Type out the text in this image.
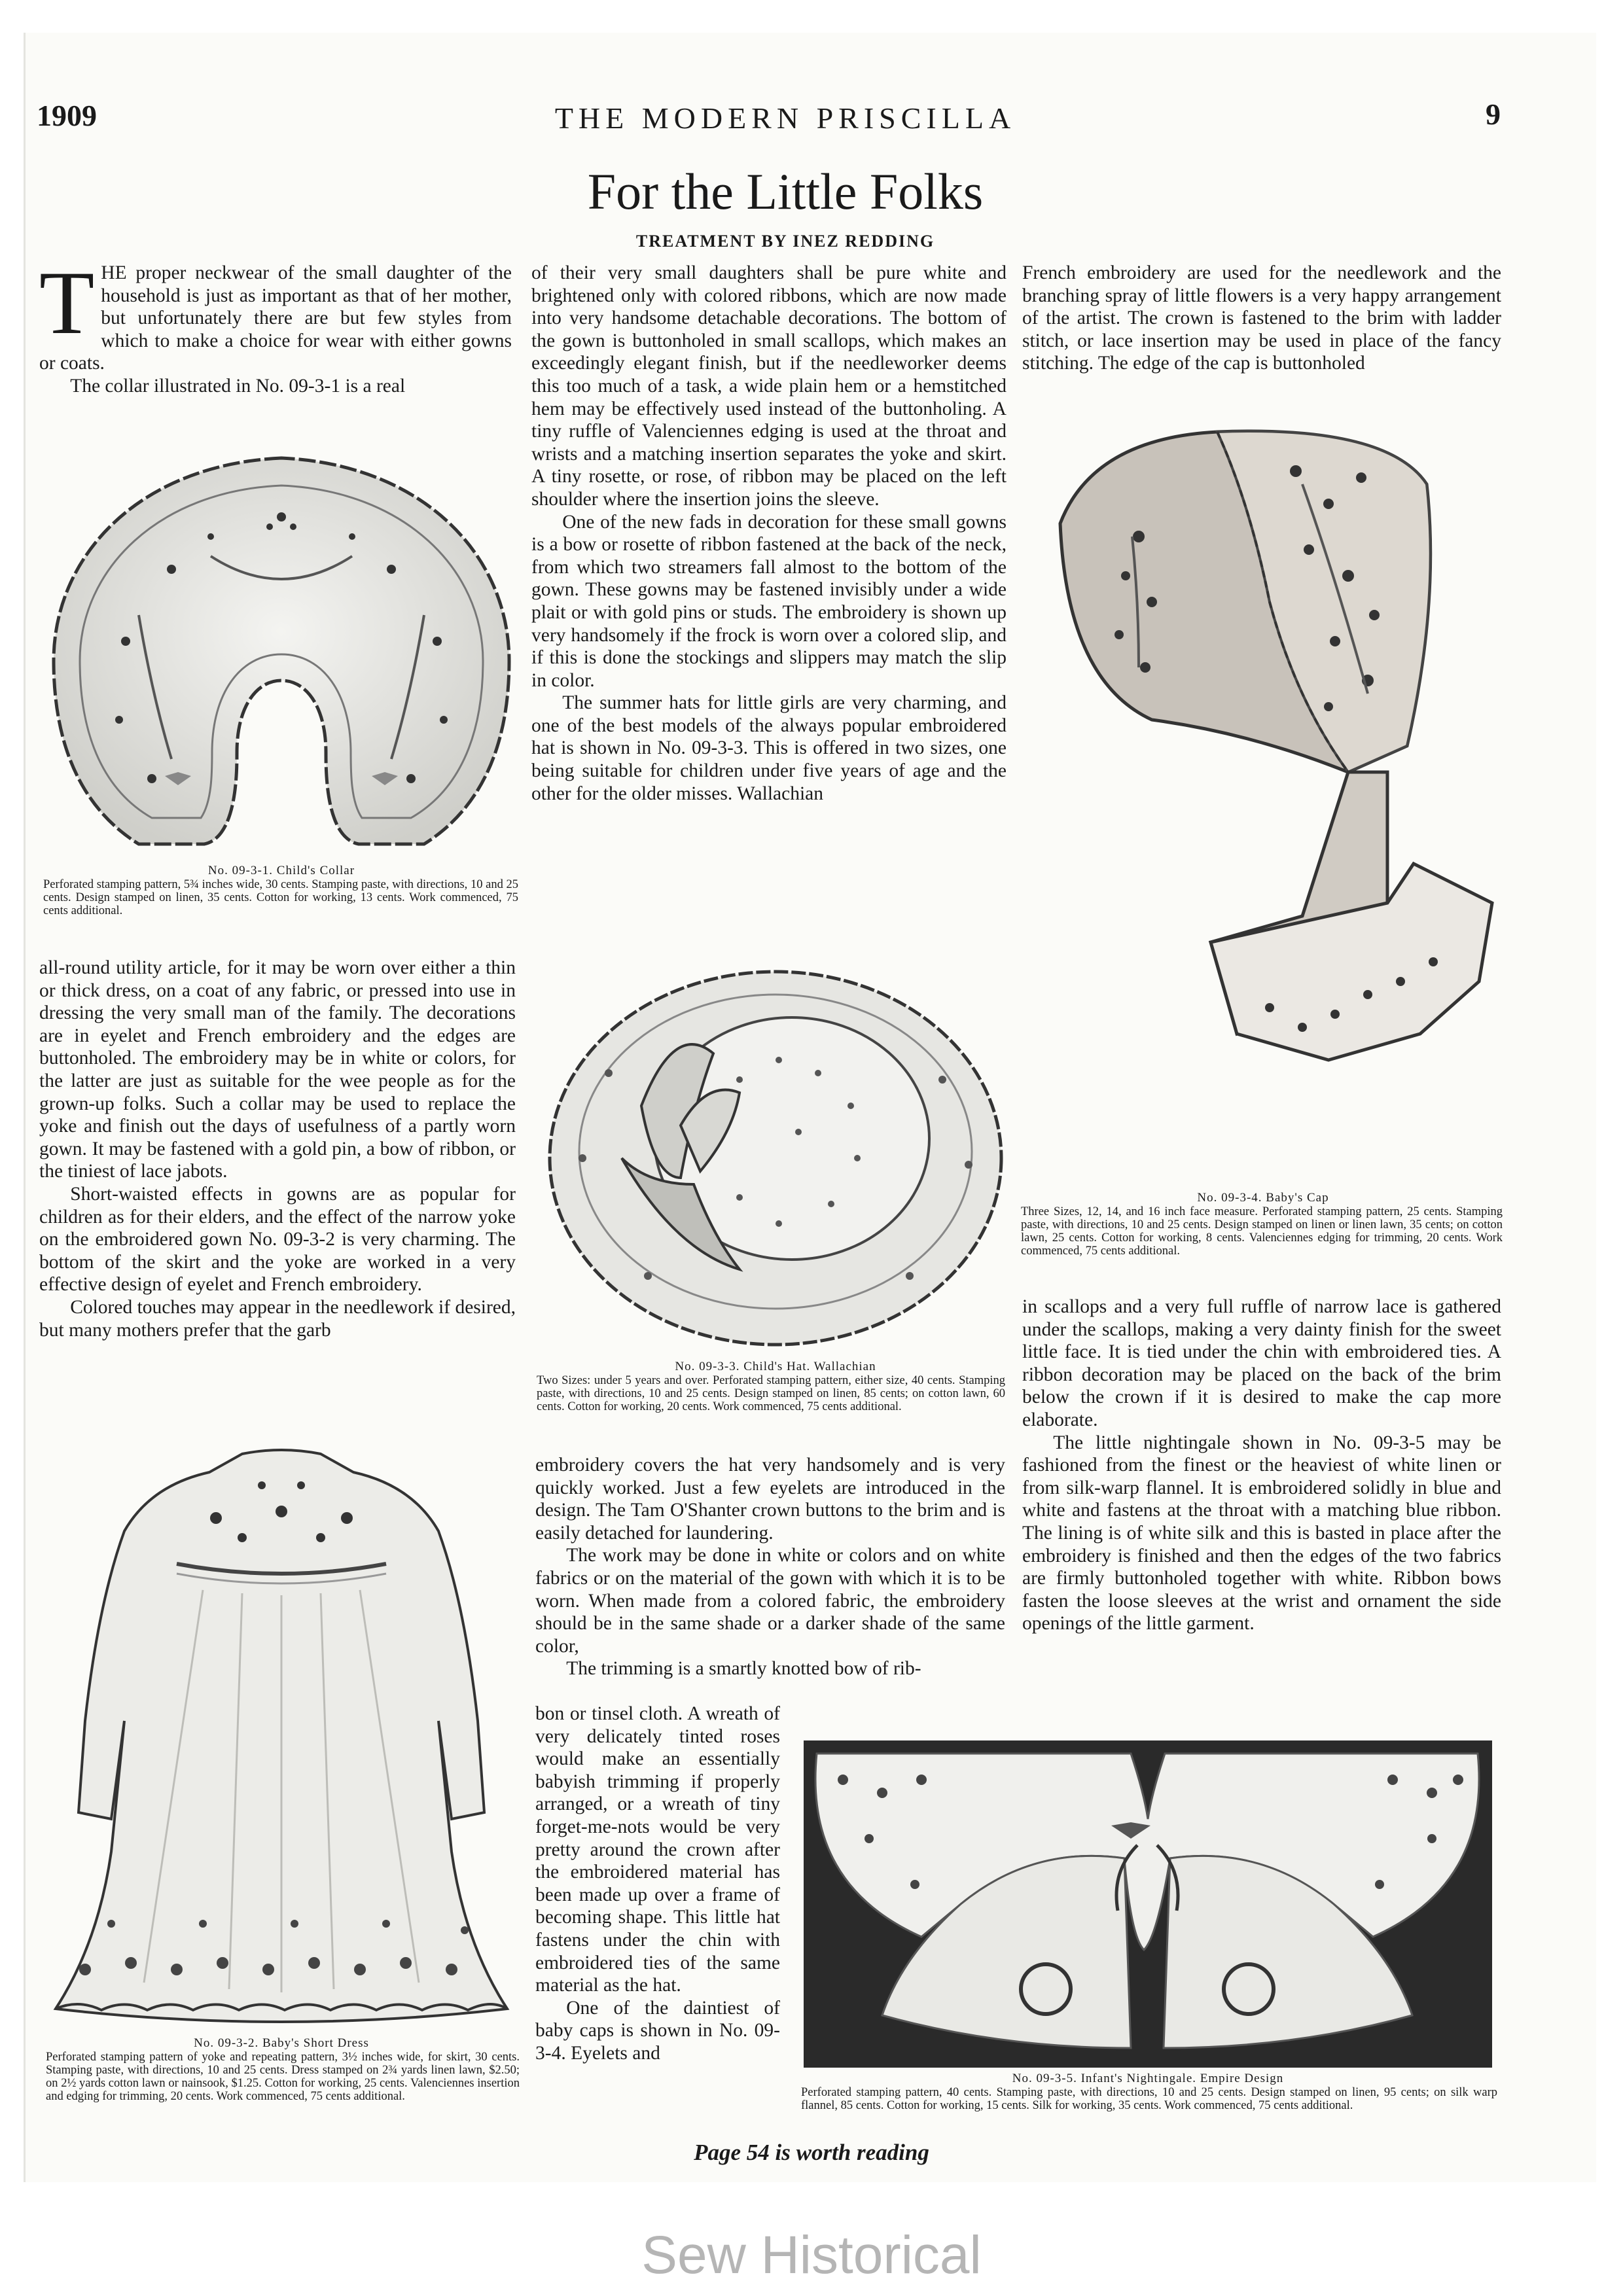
1909	THE MODERN PRISCILLA	9
For the Little Folks
TREATMENT BY INEZ REDDING

THE proper neckwear of the small daughter of the household is just as important as that of her mother, but unfortunately there are but few styles from which to make a choice for wear with either gowns or coats.

The collar illustrated in No. 09-3-1 is a real

No. 09-3-1. Child's Collar
Perforated stamping pattern, 5¾ inches wide, 30 cents. Stamping paste, with directions, 10 and 25 cents. Design stamped on linen, 35 cents. Cotton for working, 13 cents. Work commenced, 75 cents additional.

all-round utility article, for it may be worn over either a thin or thick dress, on a coat of any fabric, or pressed into use in dressing the very small man of the family. The decorations are in eyelet and French embroidery and the edges are buttonholed. The embroidery may be in white or colors, for the latter are just as suitable for the wee people as for the grown-up folks. Such a collar may be used to replace the yoke and finish out the days of usefulness of a partly worn gown. It may be fastened with a gold pin, a bow of ribbon, or the tiniest of lace jabots.

Short-waisted effects in gowns are as popular for children as for their elders, and the effect of the narrow yoke on the embroidered gown No. 09-3-2 is very charming. The bottom of the skirt and the yoke are worked in a very effective design of eyelet and French embroidery.

Colored touches may appear in the needlework if desired, but many mothers prefer that the garb

No. 09-3-2. Baby's Short Dress
Perforated stamping pattern of yoke and repeating pattern, 3½ inches wide, for skirt, 30 cents. Stamping paste, with directions, 10 and 25 cents. Dress stamped on 2¾ yards linen lawn, $2.50; on 2½ yards cotton lawn or nainsook, $1.25. Cotton for working, 25 cents. Valenciennes insertion and edging for trimming, 20 cents. Work commenced, 75 cents additional.

of their very small daughters shall be pure white and brightened only with colored ribbons, which are now made into very handsome detachable decorations. The bottom of the gown is buttonholed in small scallops, which makes an exceedingly elegant finish, but if the needleworker deems this too much of a task, a wide plain hem or a hemstitched hem may be effectively used instead of the buttonholing. A tiny ruffle of Valenciennes edging is used at the throat and wrists and a matching insertion separates the yoke and skirt. A tiny rosette, or rose, of ribbon may be placed on the left shoulder where the insertion joins the sleeve.

One of the new fads in decoration for these small gowns is a bow or rosette of ribbon fastened at the back of the neck, from which two streamers fall almost to the bottom of the gown. These gowns may be fastened invisibly under a wide plait or with gold pins or studs. The embroidery is shown up very handsomely if the frock is worn over a colored slip, and if this is done the stockings and slippers may match the slip in color.

The summer hats for little girls are very charming, and one of the best models of the always popular embroidered hat is shown in No. 09-3-3. This is offered in two sizes, one being suitable for children under five years of age and the other for the older misses. Wallachian

No. 09-3-3. Child's Hat. Wallachian
Two Sizes: under 5 years and over. Perforated stamping pattern, either size, 40 cents. Stamping paste, with directions, 10 and 25 cents. Design stamped on linen, 85 cents; on cotton lawn, 60 cents. Cotton for working, 20 cents. Work commenced, 75 cents additional.

embroidery covers the hat very handsomely and is very quickly worked. Just a few eyelets are introduced in the design. The Tam O'Shanter crown buttons to the brim and is easily detached for laundering.

The work may be done in white or colors and on white fabrics or on the material of the gown with which it is to be worn. When made from a colored fabric, the embroidery should be in the same shade or a darker shade of the same color,

The trimming is a smartly knotted bow of rib-

bon or tinsel cloth. A wreath of very delicately tinted roses would make an essentially babyish trimming if properly arranged, or a wreath of tiny forget-me-nots would be very pretty around the crown after the embroidered material has been made up over a frame of becoming shape. This little hat fastens under the chin with embroidered ties of the same material as the hat.

One of the daintiest of baby caps is shown in No. 09-3-4. Eyelets and

French embroidery are used for the needlework and the branching spray of little flowers is a very happy arrangement of the artist. The crown is fastened to the brim with ladder stitch, or lace insertion may be used in place of the fancy stitching. The edge of the cap is buttonholed

No. 09-3-4. Baby's Cap
Three Sizes, 12, 14, and 16 inch face measure. Perforated stamping pattern, 25 cents. Stamping paste, with directions, 10 and 25 cents. Design stamped on linen or linen lawn, 35 cents; on cotton lawn, 25 cents. Cotton for working, 8 cents. Valenciennes edging for trimming, 20 cents. Work commenced, 75 cents additional.

in scallops and a very full ruffle of narrow lace is gathered under the scallops, making a very dainty finish for the sweet little face. It is tied under the chin with embroidered ties. A ribbon decoration may be placed on the back of the brim below the crown if it is desired to make the cap more elaborate.

The little nightingale shown in No. 09-3-5 may be fashioned from the finest or the heaviest of white linen or from silk-warp flannel. It is embroidered solidly in blue and white and fastens at the throat with a matching blue ribbon. The lining is of white silk and this is basted in place after the embroidery is finished and then the edges of the two fabrics are firmly buttonholed together with white. Ribbon bows fasten the loose sleeves at the wrist and ornament the side openings of the little garment.

No. 09-3-5. Infant's Nightingale. Empire Design
Perforated stamping pattern, 40 cents. Stamping paste, with directions, 10 and 25 cents. Design stamped on linen, 95 cents; on silk warp flannel, 85 cents. Cotton for working, 15 cents. Silk for working, 35 cents. Work commenced, 75 cents additional.
Page 54 is worth reading
Sew Historical
